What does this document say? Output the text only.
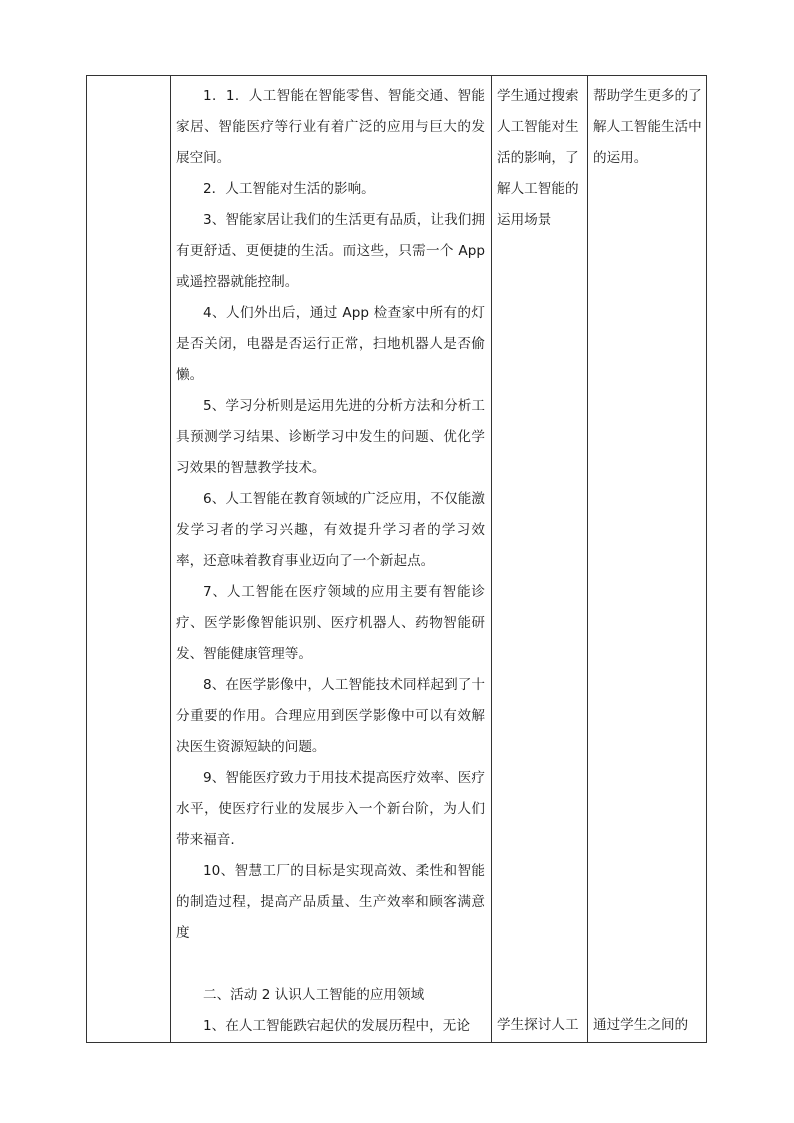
1．1．人工智能在智能零售、智能交通、智能家居、智能医疗等行业有着广泛的应用与巨大的发展空间。

2．人工智能对生活的影响。

3、智能家居让我们的生活更有品质，让我们拥有更舒适、更便捷的生活。而这些，只需一个 App 或遥控器就能控制。

4、人们外出后，通过 App 检查家中所有的灯是否关闭，电器是否运行正常，扫地机器人是否偷懒。

5、学习分析则是运用先进的分析方法和分析工具预测学习结果、诊断学习中发生的问题、优化学习效果的智慧教学技术。

6、人工智能在教育领域的广泛应用，不仅能激发学习者的学习兴趣，有效提升学习者的学习效率，还意味着教育事业迈向了一个新起点。

7、人工智能在医疗领域的应用主要有智能诊疗、医学影像智能识别、医疗机器人、药物智能研发、智能健康管理等。

8、在医学影像中，人工智能技术同样起到了十分重要的作用。合理应用到医学影像中可以有效解决医生资源短缺的问题。

9、智能医疗致力于用技术提高医疗效率、医疗水平，使医疗行业的发展步入一个新台阶，为人们带来福音.

10、智慧工厂的目标是实现高效、柔性和智能的制造过程，提高产品质量、生产效率和顾客满意度

二、活动 2 认识人工智能的应用领域

1、在人工智能跌宕起伏的发展历程中，无论

学生通过搜索人工智能对生活的影响，了解人工智能的运用场景

学生探讨人工

帮助学生更多的了解人工智能生活中的运用。

通过学生之间的
